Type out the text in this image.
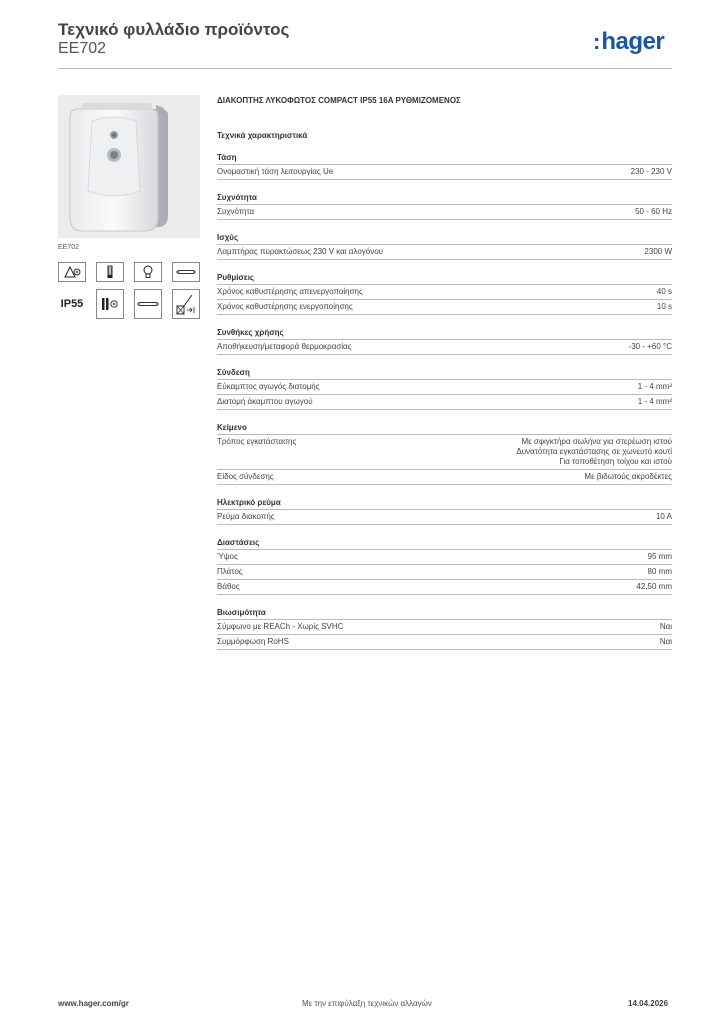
Τεχνικό φυλλάδιο προϊόντος
EE702	:hager
EE702
IP55
ΔΙΑΚΟΠΤΗΣ ΛΥΚΟΦΩΤΟΣ COMPACT IP55 16A ΡΥΘΜΙΖΟΜΕΝΟΣ
Τεχνικά χαρακτηριστικά
Τάση
Ονομαστική τάση λειτουργίας Ue	230 - 230 V
Συχνότητα
Συχνότητα	50 - 60 Hz
Ισχύς
Λαμπτήρας πυρακτώσεως 230 V και αλογόνου	2300 W
Ρυθμίσεις
Χρόνος καθυστέρησης απενεργοποίησης	40 s
Χρόνος καθυστέρησης ενεργοποίησης	10 s
Συνθήκες χρήσης
Αποθήκευση/μεταφορά θερμοκρασίας	-30 - +60 °C
Σύνδεση
Εύκαμπτος αγωγός διατομής	1 - 4 mm²
Διατομή άκαμπτου αγωγού	1 - 4 mm²
Κείμενο
Τρόπος εγκατάστασης	Με σφιγκτήρα σωλήνα για στερέωση ιστού
Δυνατότητα εγκατάστασης σε χωνευτό κουτί
Για τοποθέτηση τοίχου και ιστού
Είδος σύνδεσης	Με βιδωτούς ακροδέκτες
Ηλεκτρικό ρεύμα
Ρεύμα διακοπής	10 A
Διαστάσεις
Ύψος	95 mm
Πλάτος	80 mm
Βάθος	42,50 mm
Βιωσιμότητα
Σύμφωνο με REACh - Χωρίς SVHC	Ναι
Συμμόρφωση RoHS	Ναι
www.hager.com/gr	Με την επιφύλαξη τεχνικών αλλαγών	14.04.2026
